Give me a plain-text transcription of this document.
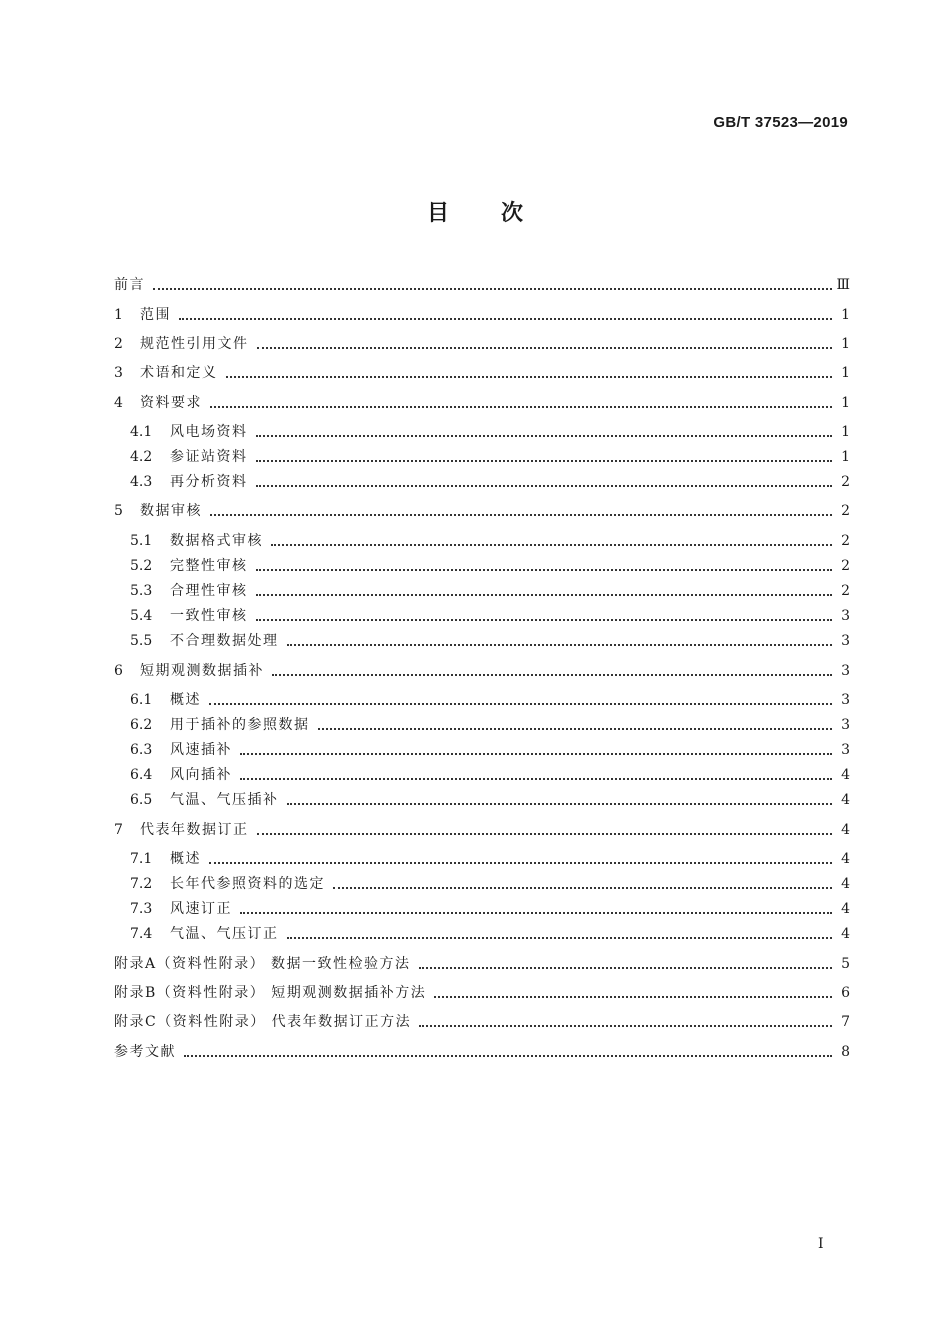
GB/T 37523—2019
目 次
前言	Ⅲ
1	范围	1
2	规范性引用文件	1
3	术语和定义	1
4	资料要求	1
4.1	风电场资料	1
4.2	参证站资料	1
4.3	再分析资料	2
5	数据审核	2
5.1	数据格式审核	2
5.2	完整性审核	2
5.3	合理性审核	2
5.4	一致性审核	3
5.5	不合理数据处理	3
6	短期观测数据插补	3
6.1	概述	3
6.2	用于插补的参照数据	3
6.3	风速插补	3
6.4	风向插补	4
6.5	气温、气压插补	4
7	代表年数据订正	4
7.1	概述	4
7.2	长年代参照资料的选定	4
7.3	风速订正	4
7.4	气温、气压订正	4
附录A（资料性附录） 数据一致性检验方法	5
附录B（资料性附录） 短期观测数据插补方法	6
附录C（资料性附录） 代表年数据订正方法	7
参考文献	8
I
